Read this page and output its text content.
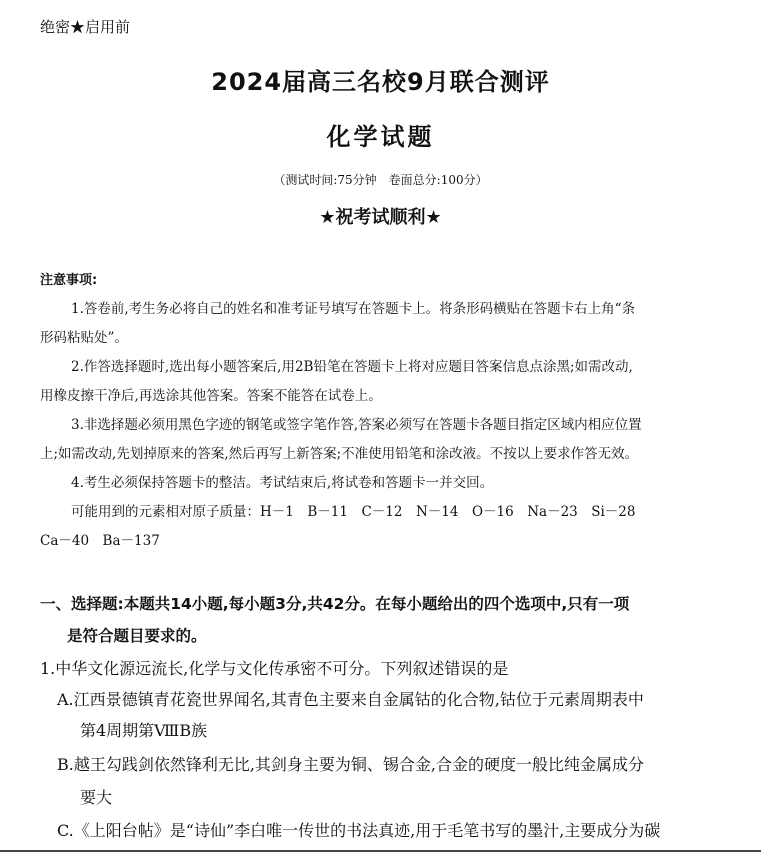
绝密★启用前
2024届高三名校9月联合测评
化学试题
（测试时间:75分钟　卷面总分:100分）
★祝考试顺利★
注意事项:
1.答卷前,考生务必将自己的姓名和准考证号填写在答题卡上。将条形码横贴在答题卡右上角“条
形码粘贴处”。
2.作答选择题时,选出每小题答案后,用2B铅笔在答题卡上将对应题目答案信息点涂黑;如需改动,
用橡皮擦干净后,再选涂其他答案。答案不能答在试卷上。
3.非选择题必须用黑色字迹的钢笔或签字笔作答,答案必须写在答题卡各题目指定区域内相应位置
上;如需改动,先划掉原来的答案,然后再写上新答案;不准使用铅笔和涂改液。不按以上要求作答无效。
4.考生必须保持答题卡的整洁。考试结束后,将试卷和答题卡一并交回。
可能用到的元素相对原子质量：H－1　B－11　C－12　N－14　O－16　Na－23　Si－28
Ca－40　Ba－137
一、选择题:本题共14小题,每小题3分,共42分。在每小题给出的四个选项中,只有一项
是符合题目要求的。
1.中华文化源远流长,化学与文化传承密不可分。下列叙述错误的是
A.江西景德镇青花瓷世界闻名,其青色主要来自金属钴的化合物,钴位于元素周期表中
第4周期第ⅧB族
B.越王勾践剑依然锋利无比,其剑身主要为铜、锡合金,合金的硬度一般比纯金属成分
要大
C.《上阳台帖》是“诗仙”李白唯一传世的书法真迹,用于毛笔书写的墨汁,主要成分为碳
